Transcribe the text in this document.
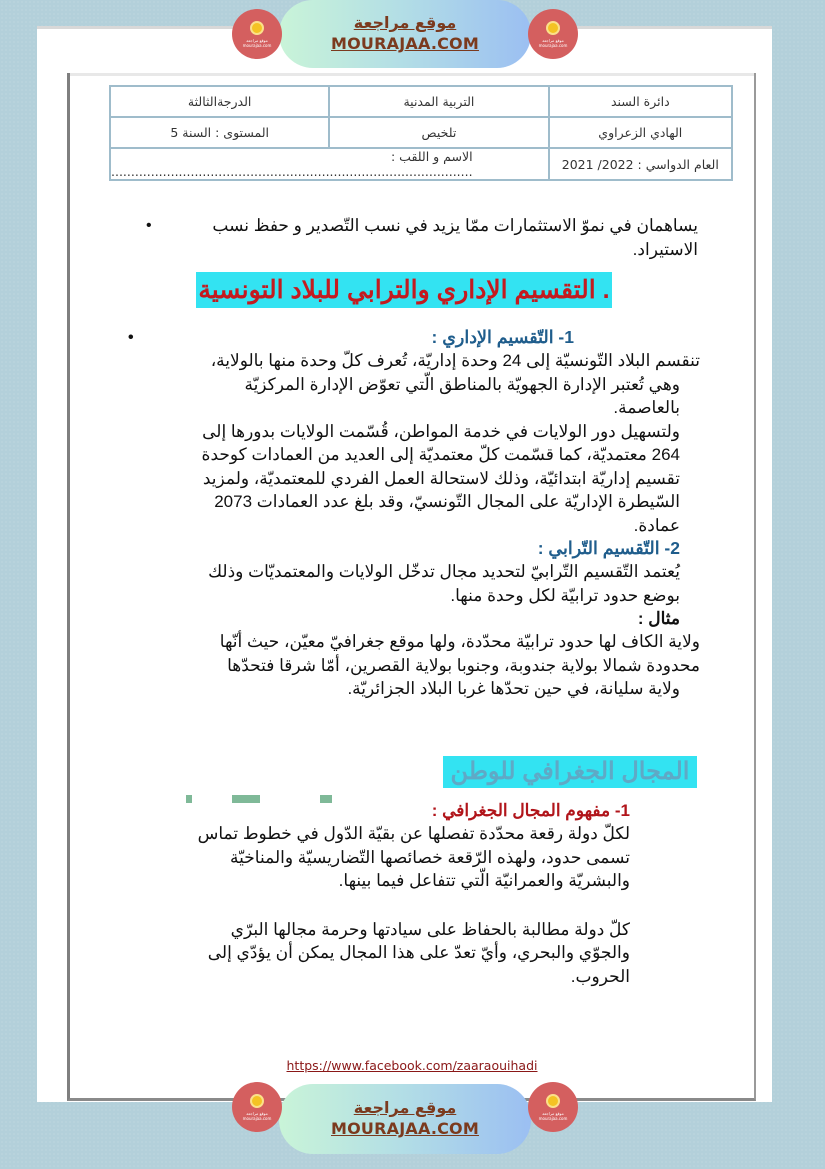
موقع مراجعة mourajaa.com
موقع مراجعة
MOURAJAA.COM	موقع مراجعة mourajaa.com
دائرة السند	التربية المدنية	الدرجةالثالثة
الهادي الزعراوي	تلخيص	المستوى : السنة 5
العام الدواسي : 2022/ 2021	الاسم و اللقب : ...........................................................................................	
•	يساهمان في نموّ الاستثمارات ممّا يزيد في نسب التّصدير و حفظ نسب
الاستيراد.
. التقسيم الإداري والترابي للبلاد التونسية
•	1- التّقسيم الإداري :
تنقسم البلاد التّونسيّة إلى 24 وحدة إداريّة، تُعرف كلّ وحدة منها بالولاية،
وهي تُعتبر الإدارة الجهويّة بالمناطق الّتي تعوّض الإدارة المركزيّة
بالعاصمة.
ولتسهيل دور الولايات في خدمة المواطن، قُسّمت الولايات بدورها إلى
264 معتمديّة، كما قسّمت كلّ معتمديّة إلى العديد من العمادات كوحدة
تقسيم إداريّة ابتدائيّة، وذلك لاستحالة العمل الفردي للمعتمديّة، ولمزيد
السّيطرة الإداريّة على المجال التّونسيّ، وقد بلغ عدد العمادات 2073
عمادة.
2- التّقسيم التّرابي :
يُعتمد التّقسيم التّرابيّ لتحديد مجال تدخّل الولايات والمعتمديّات وذلك
بوضع حدود ترابيّة لكل وحدة منها.
مثال :
ولاية الكاف لها حدود ترابيّة محدّدة، ولها موقع جغرافيّ معيّن، حيث أنّها
محدودة شمالا بولاية جندوبة، وجنوبا بولاية القصرين، أمّا شرقا فتحدّها
ولاية سليانة، في حين تحدّها غربا البلاد الجزائريّة.
المجال الجغرافي للوطن
1- مفهوم المجال الجغرافي :
لكلّ دولة رقعة محدّدة تفصلها عن بقيّة الدّول في خطوط تماس
تسمى حدود، ولهذه الرّقعة خصائصها التّضاريسيّة والمناخيّة
والبشريّة والعمرانيّة الّتي تتفاعل فيما بينها.
كلّ دولة مطالبة بالحفاظ على سيادتها وحرمة مجالها البرّي
والجوّي والبحري، وأيّ تعدّ على هذا المجال يمكن أن يؤدّي إلى
الحروب.
https://www.facebook.com/zaaraouihadi
موقع مراجعة mourajaa.com
موقع مراجعة
MOURAJAA.COM
موقع مراجعة mourajaa.com
